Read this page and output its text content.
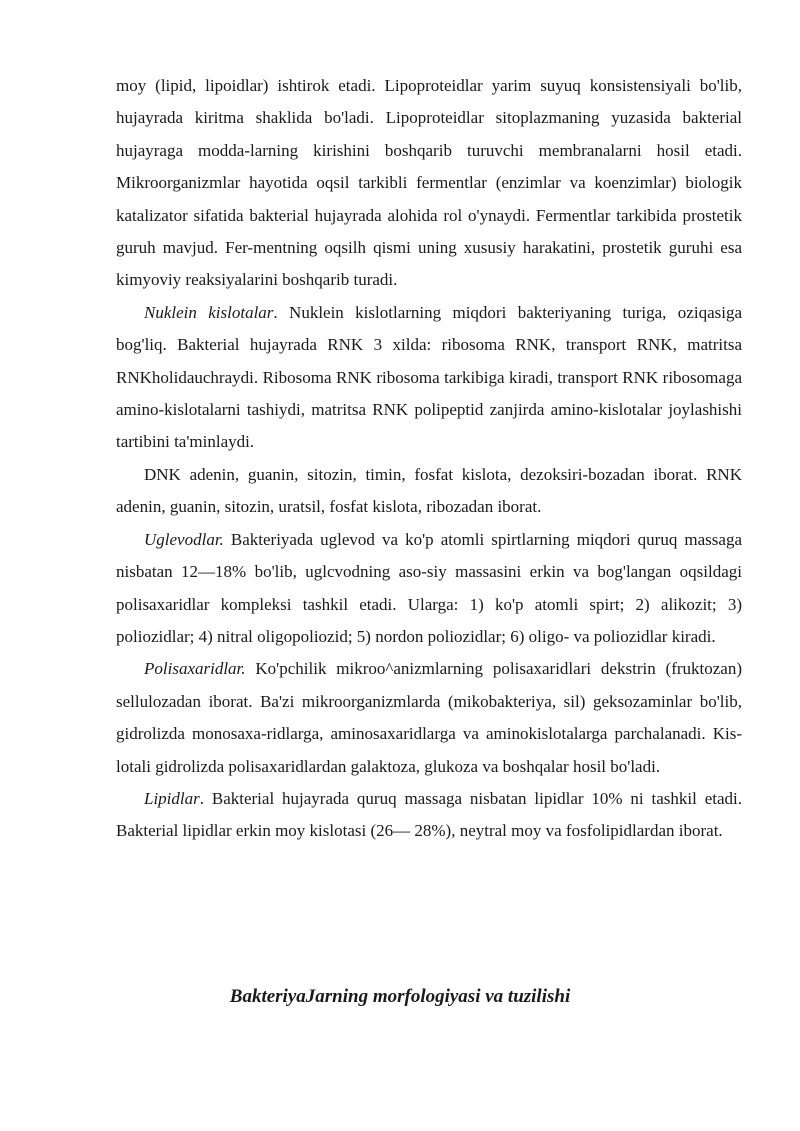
moy (lipid, lipoidlar) ishtirok etadi. Lipoproteidlar yarim suyuq konsistensiyali bo'lib, hujayrada kiritma shaklida bo'ladi. Lipoproteidlar sitoplazmaning yuzasida bakterial hujayraga modda-larning kirishini boshqarib turuvchi membranalarni hosil etadi. Mikroorganizmlar hayotida oqsil tarkibli fermentlar (enzimlar va koenzimlar) biologik katalizator sifatida bakterial hujayrada alohida rol o'ynaydi. Fermentlar tarkibida prostetik guruh mavjud. Fer-mentning oqsilh qismi uning xususiy harakatini, prostetik guruhi esa kimyoviy reaksiyalarini boshqarib turadi.

Nuklein kislotalar. Nuklein kislotlarning miqdori bakteriyaning turiga, oziqasiga bog'liq. Bakterial hujayrada RNK 3 xilda: ribosoma RNK, transport RNK, matritsa RNKholidauchraydi. Ribosoma RNK ribosoma tarkibiga kiradi, transport RNK ribosomaga amino-kislotalarni tashiydi, matritsa RNK polipeptid zanjirda amino-kislotalar joylashishi tartibini ta'minlaydi.

DNK adenin, guanin, sitozin, timin, fosfat kislota, dezoksiri-bozadan iborat. RNK adenin, guanin, sitozin, uratsil, fosfat kislota, ribozadan iborat.

Uglevodlar. Bakteriyada uglevod va ko'p atomli spirtlarning miqdori quruq massaga nisbatan 12—18% bo'lib, uglcvodning aso-siy massasini erkin va bog'langan oqsildagi polisaxaridlar kompleksi tashkil etadi. Ularga: 1) ko'p atomli spirt; 2) alikozit; 3) poliozidlar; 4) nitral oligopoliozid; 5) nordon poliozidlar; 6) oligo- va poliozidlar kiradi.

Polisaxaridlar. Ko'pchilik mikroo^anizmlarning polisaxaridlari dekstrin (fruktozan) sellulozadan iborat. Ba'zi mikroorganizmlarda (mikobakteriya, sil) geksozaminlar bo'lib, gidrolizda monosaxa-ridlarga, aminosaxaridlarga va aminokislotalarga parchalanadi. Kis-lotali gidrolizda polisaxaridlardan galaktoza, glukoza va boshqalar hosil bo'ladi.

Lipidlar. Bakterial hujayrada quruq massaga nisbatan lipidlar 10% ni tashkil etadi. Bakterial lipidlar erkin moy kislotasi (26— 28%), neytral moy va fosfolipidlardan iborat.

BakteriyaJarning morfologiyasi va tuzilishi
